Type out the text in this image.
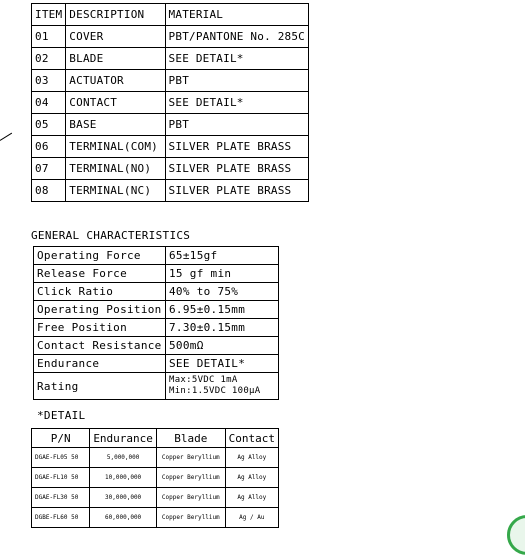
ITEM	DESCRIPTION	MATERIAL
01	COVER	PBT/PANTONE No. 285C
02	BLADE	SEE DETAIL*
03	ACTUATOR	PBT
04	CONTACT	SEE DETAIL*
05	BASE	PBT
06	TERMINAL(COM)	SILVER PLATE BRASS
07	TERMINAL(NO)	SILVER PLATE BRASS
08	TERMINAL(NC)	SILVER PLATE BRASS
GENERAL CHARACTERISTICS
Operating Force	65±15gf
Release Force	15 gf min
Click Ratio	40% to 75%
Operating Position	6.95±0.15mm
Free Position	7.30±0.15mm
Contact Resistance	500mΩ
Endurance	SEE DETAIL*
Rating	Max:5VDC 1mA
Min:1.5VDC 100μA
*DETAIL
P/N	Endurance	Blade	Contact
DGAE-FL05 50	5,000,000	Copper Beryllium	Ag Alloy
DGAE-FL10 50	10,000,000	Copper Beryllium	Ag Alloy
DGAE-FL30 50	30,000,000	Copper Beryllium	Ag Alloy
DGBE-FL60 50	60,000,000	Copper Beryllium	Ag / Au
